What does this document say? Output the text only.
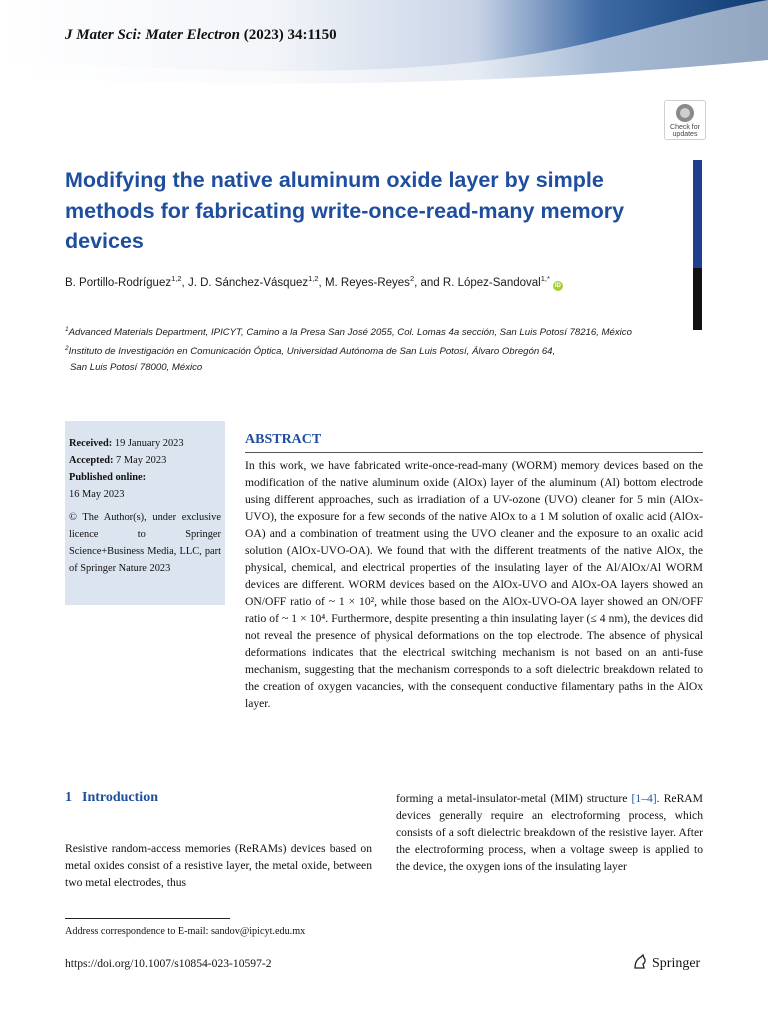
J Mater Sci: Mater Electron (2023) 34:1150
Check for updates
Modifying the native aluminum oxide layer by simple methods for fabricating write-once-read-many memory devices
B. Portillo-Rodríguez$^{1,2}$, J. D. Sánchez-Vásquez$^{1,2}$, M. Reyes-Reyes$^2$, and R. López-Sandoval$^{1,*}$iD
$^1$Advanced Materials Department, IPICYT, Camino a la Presa San José 2055, Col. Lomas 4a sección, San Luis Potosí 78216, México
$^2$Instituto de Investigación en Comunicación Óptica, Universidad Autónoma de San Luis Potosí, Álvaro Obregón 64,
San Luis Potosí 78000, México
Received: 19 January 2023
Accepted: 7 May 2023
Published online:
16 May 2023
© The Author(s), under exclusive licence to Springer Science+Business Media, LLC, part of Springer Nature 2023
ABSTRACT

In this work, we have fabricated write-once-read-many (WORM) memory devices based on the modification of the native aluminum oxide (AlOx) layer of the aluminum (Al) bottom electrode using different approaches, such as irradiation of a UV-ozone (UVO) cleaner for 5 min (AlOx-UVO), the exposure for a few seconds of the native AlOx to a 1 M solution of oxalic acid (AlOx-OA) and a combination of treatment using the UVO cleaner and the exposure to an oxalic acid solution (AlOx-UVO-OA). We found that with the different treatments of the native AlOx, the physical, chemical, and electrical properties of the insulating layer of the Al/AlOx/Al WORM devices are different. WORM devices based on the AlOx-UVO and AlOx-OA layers showed an ON/OFF ratio of ~ 1 × 10², while those based on the AlOx-UVO-OA layer showed an ON/OFF ratio of ~ 1 × 10⁴. Furthermore, despite presenting a thin insulating layer (≤ 4 nm), the devices did not reveal the presence of physical deformations on the top electrode. The absence of physical deformations indicates that the electrical switching mechanism is not based on an anti-fuse mechanism, suggesting that the mechanism corresponds to a soft dielectric breakdown related to the creation of oxygen vacancies, with the consequent conductive filamentary paths in the AlOx layer.

1 Introduction

Resistive random-access memories (ReRAMs) devices based on metal oxides consist of a resistive layer, the metal oxide, between two metal electrodes, thus

forming a metal-insulator-metal (MIM) structure [1–4]. ReRAM devices generally require an electroforming process, which consists of a soft dielectric breakdown of the resistive layer. After the electroforming process, when a voltage sweep is applied to the device, the oxygen ions of the insulating layer

Address correspondence to E-mail: sandov@ipicyt.edu.mx
https://doi.org/10.1007/s10854-023-10597-2	Springer
